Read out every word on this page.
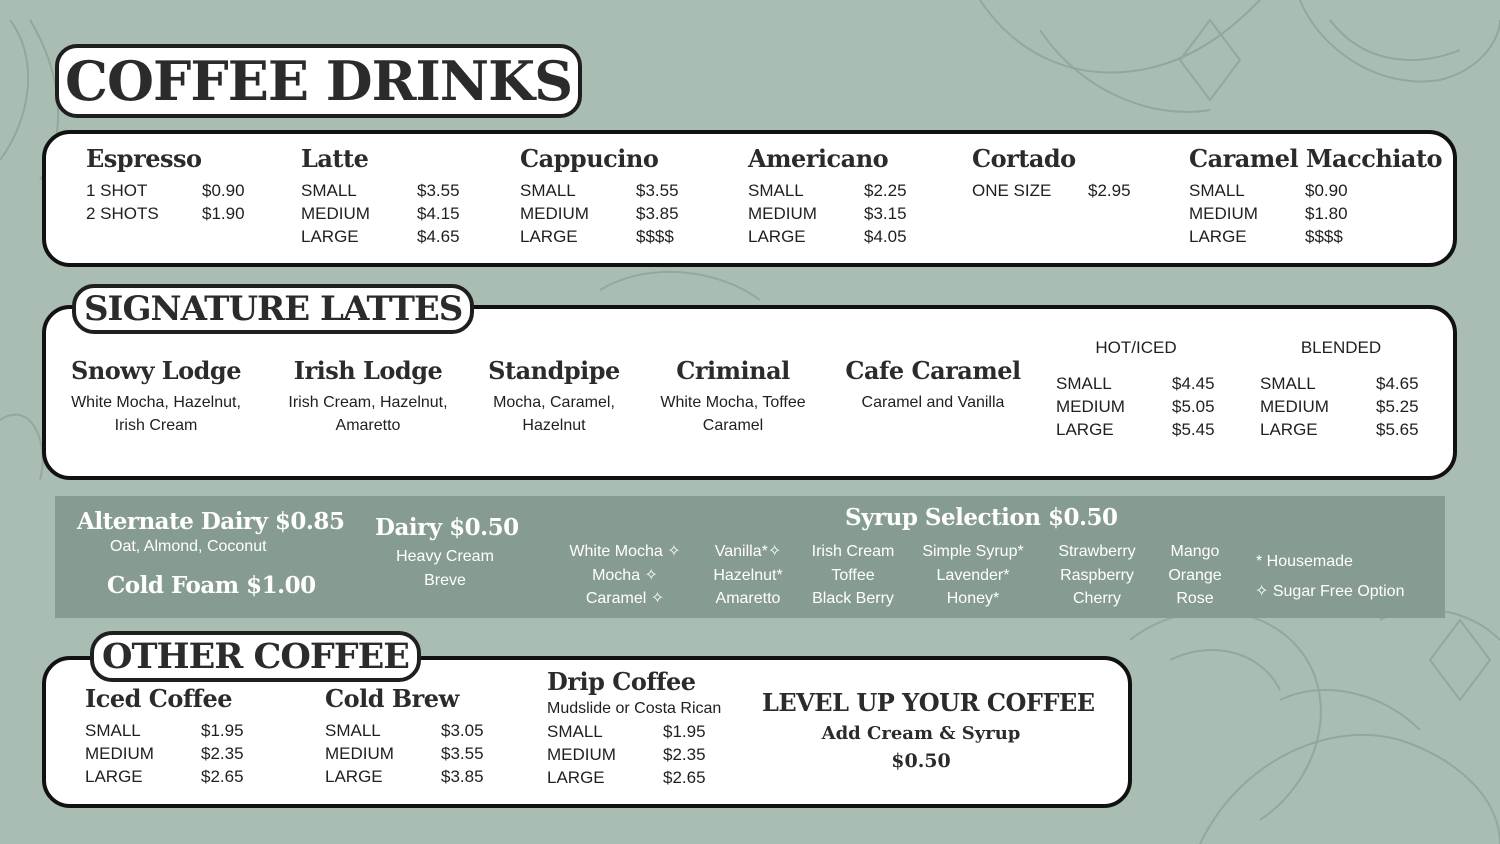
COFFEE DRINKS
Espresso
1 SHOT	$0.90
2 SHOTS	$1.90
Latte
SMALL	$3.55
MEDIUM	$4.15
LARGE	$4.65
Cappucino
SMALL	$3.55
MEDIUM	$3.85
LARGE	$$$$
Americano
SMALL	$2.25
MEDIUM	$3.15
LARGE	$4.05
Cortado
ONE SIZE	$2.95
Caramel Macchiato
SMALL	$0.90
MEDIUM	$1.80
LARGE	$$$$
SIGNATURE LATTES
Snowy Lodge
White Mocha, Hazelnut,
Irish Cream
Irish Lodge
Irish Cream, Hazelnut,
Amaretto
Standpipe
Mocha, Caramel,
Hazelnut
Criminal
White Mocha, Toffee
Caramel
Cafe Caramel
Caramel and Vanilla
HOT/ICED
SMALL	$4.45
MEDIUM	$5.05
LARGE	$5.45
BLENDED
SMALL	$4.65
MEDIUM	$5.25
LARGE	$5.65
Alternate Dairy $0.85
Oat, Almond, Coconut
Cold Foam $1.00
Dairy $0.50
Heavy Cream
Breve
Syrup Selection $0.50
White Mocha ✧
Mocha ✧
Caramel ✧
Vanilla*✧
Hazelnut*
Amaretto
Irish Cream
Toffee
Black Berry
Simple Syrup*
Lavender*
Honey*
Strawberry
Raspberry
Cherry
Mango
Orange
Rose
* Housemade
✧ Sugar Free Option
OTHER COFFEE
Iced Coffee
SMALL	$1.95
MEDIUM	$2.35
LARGE	$2.65
Cold Brew
SMALL	$3.05
MEDIUM	$3.55
LARGE	$3.85
Drip Coffee
Mudslide or Costa Rican
SMALL	$1.95
MEDIUM	$2.35
LARGE	$2.65
LEVEL UP YOUR COFFEE
Add Cream & Syrup
$0.50
